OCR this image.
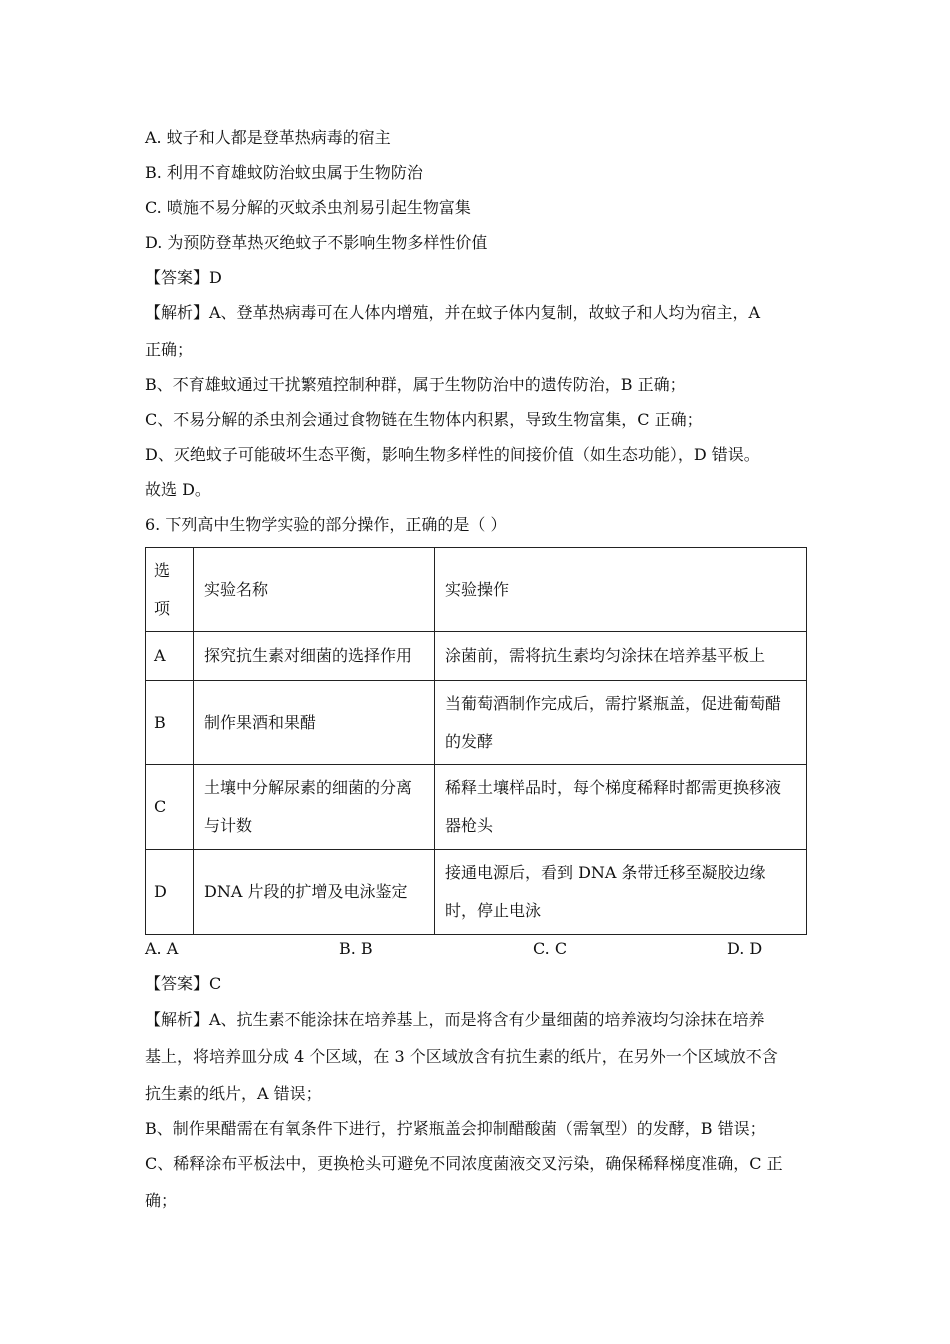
A. 蚊子和人都是登革热病毒的宿主
B. 利用不育雄蚊防治蚊虫属于生物防治
C. 喷施不易分解的灭蚊杀虫剂易引起生物富集
D. 为预防登革热灭绝蚊子不影响生物多样性价值
【答案】D
【解析】A、登革热病毒可在人体内增殖，并在蚊子体内复制，故蚊子和人均为宿主，A
正确；
B、不育雄蚊通过干扰繁殖控制种群，属于生物防治中的遗传防治，B 正确；
C、不易分解的杀虫剂会通过食物链在生物体内积累，导致生物富集，C 正确；
D、灭绝蚊子可能破坏生态平衡，影响生物多样性的间接价值（如生态功能），D 错误。
故选 D。
6. 下列高中生物学实验的部分操作，正确的是（ ）
选项	实验名称	实验操作
A	探究抗生素对细菌的选择作用	涂菌前，需将抗生素均匀涂抹在培养基平板上
B	制作果酒和果醋	当葡萄酒制作完成后，需拧紧瓶盖，促进葡萄醋的发酵
C	土壤中分解尿素的细菌的分离与计数	稀释土壤样品时，每个梯度稀释时都需更换移液器枪头
D	DNA 片段的扩增及电泳鉴定	接通电源后，看到 DNA 条带迁移至凝胶边缘时，停止电泳
A. A	B. B	C. C	D. D
【答案】C
【解析】A、抗生素不能涂抹在培养基上，而是将含有少量细菌的培养液均匀涂抹在培养
基上，将培养皿分成 4 个区域，在 3 个区域放含有抗生素的纸片，在另外一个区域放不含
抗生素的纸片，A 错误；
B、制作果醋需在有氧条件下进行，拧紧瓶盖会抑制醋酸菌（需氧型）的发酵，B 错误；
C、稀释涂布平板法中，更换枪头可避免不同浓度菌液交叉污染，确保稀释梯度准确，C 正
确；
